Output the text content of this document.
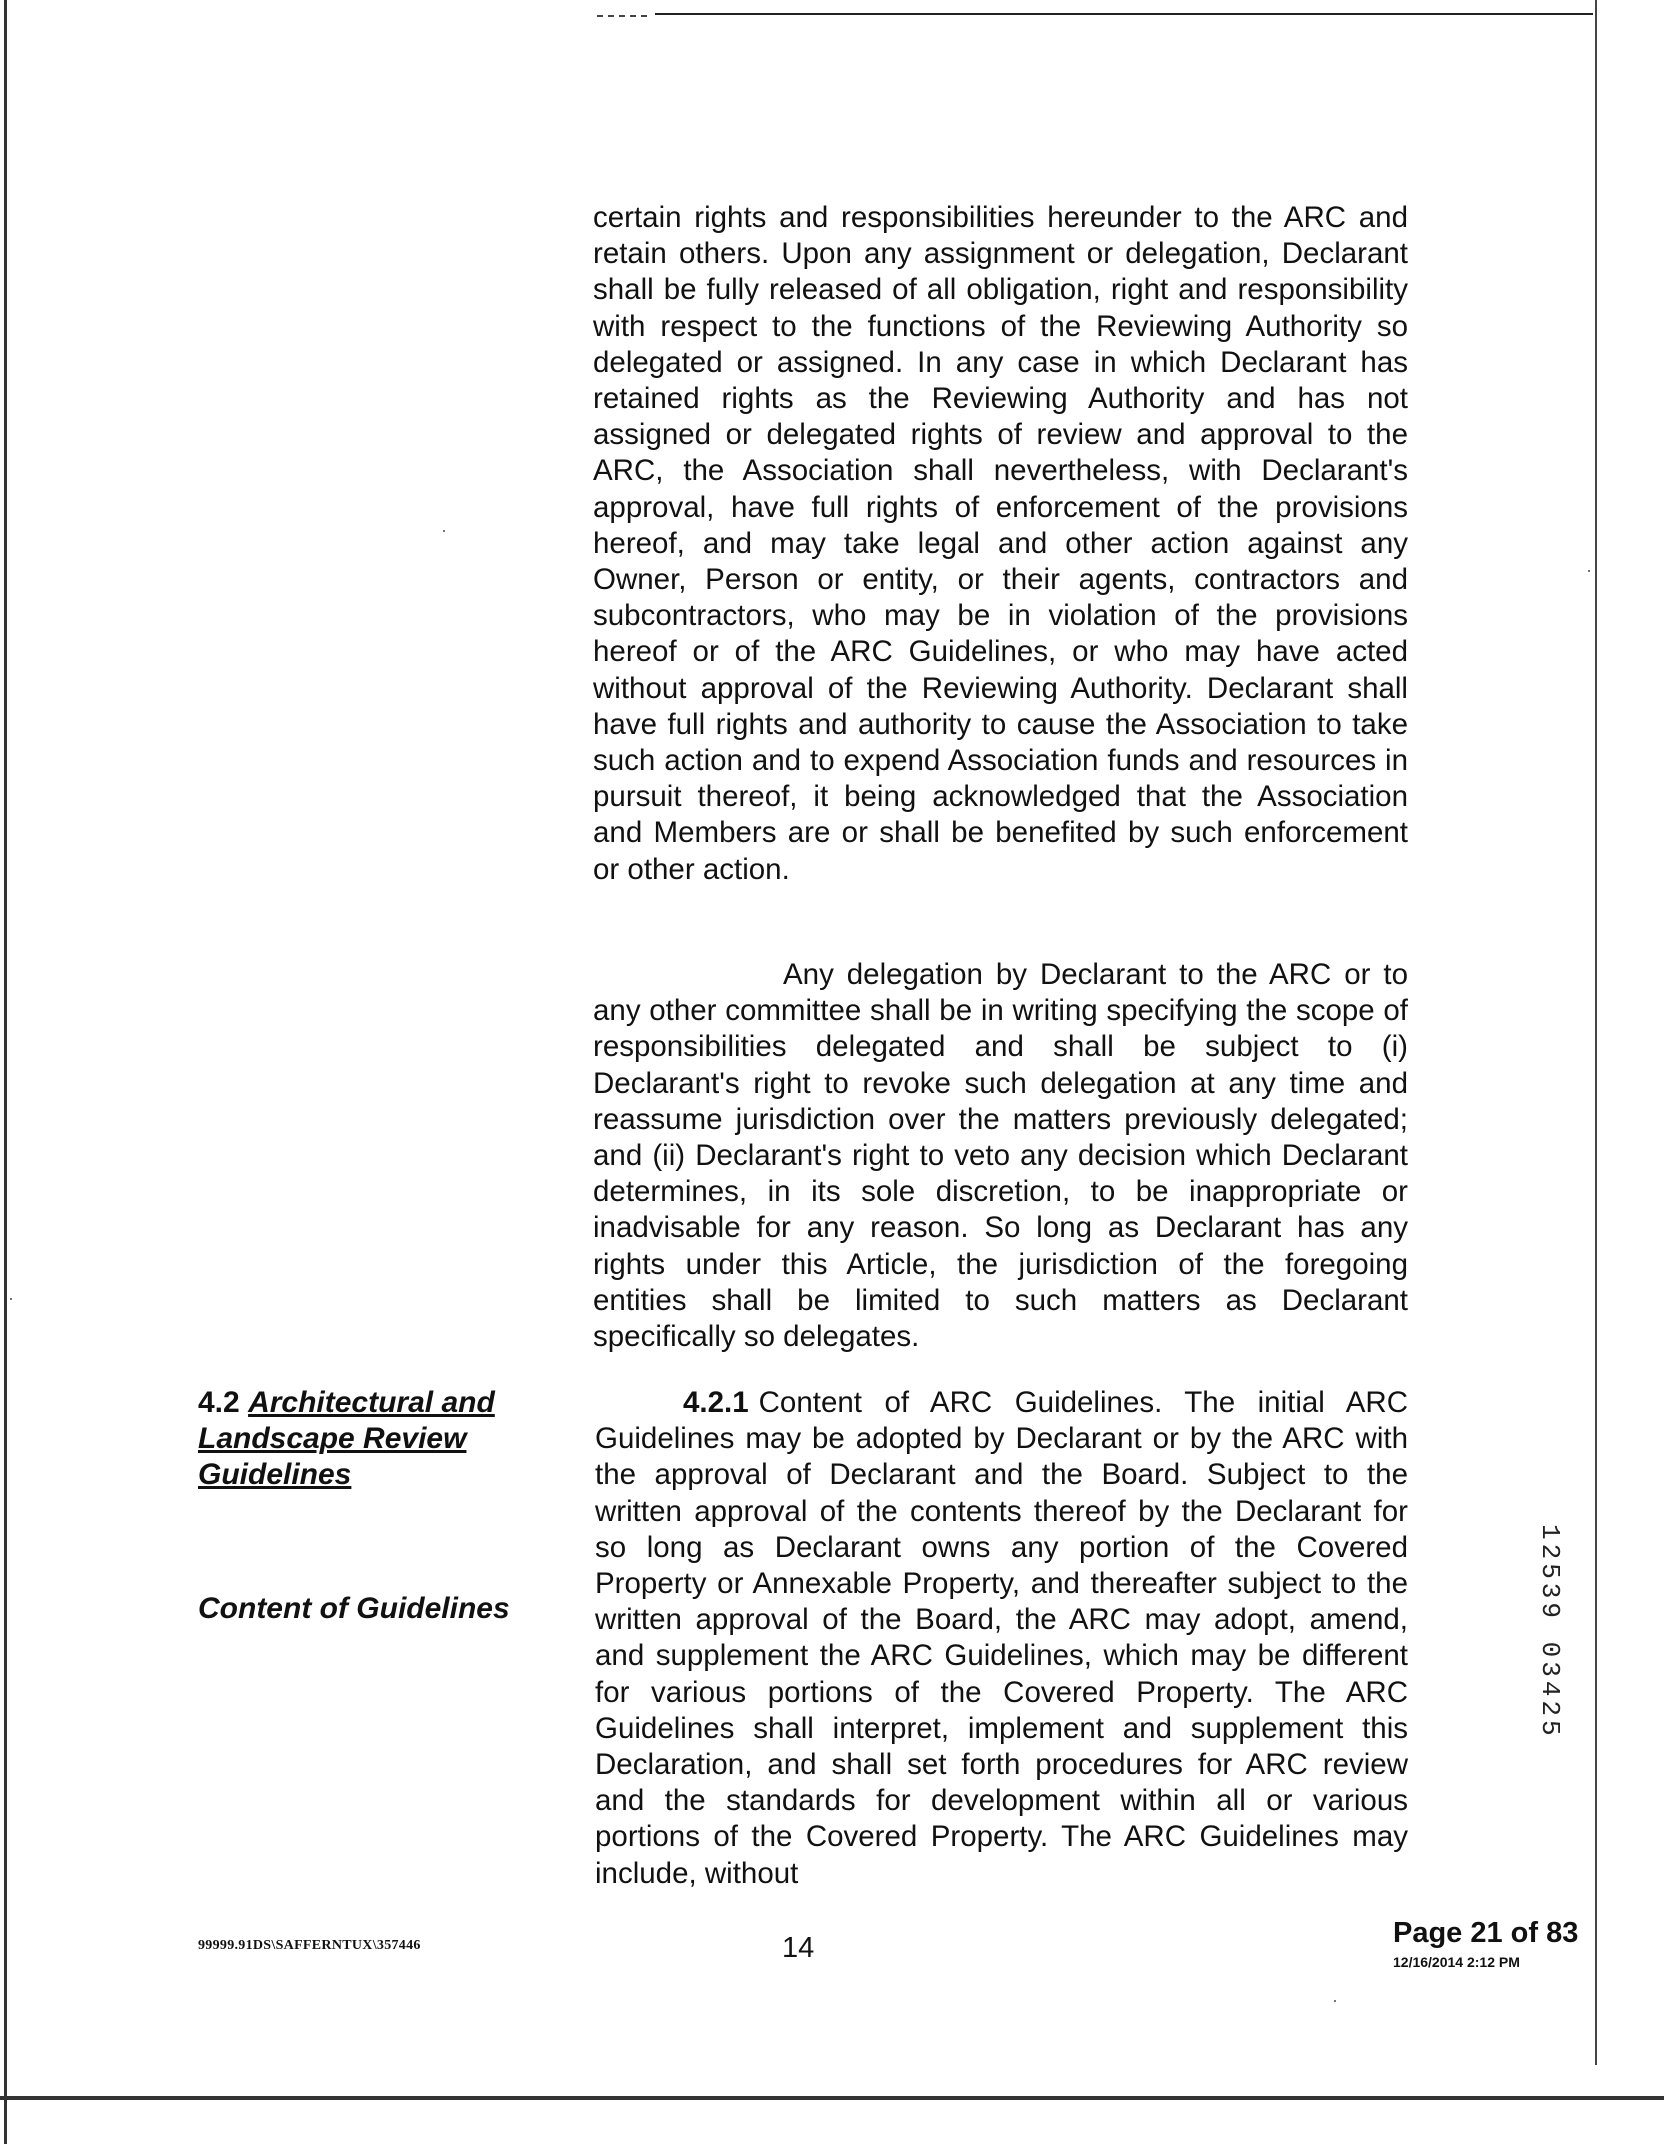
certain rights and responsibilities hereunder to the ARC and retain others. Upon any assignment or delegation, Declarant shall be fully released of all obligation, right and responsibility with respect to the functions of the Reviewing Authority so delegated or assigned. In any case in which Declarant has retained rights as the Reviewing Authority and has not assigned or delegated rights of review and approval to the ARC, the Association shall nevertheless, with Declarant's approval, have full rights of enforcement of the provisions hereof, and may take legal and other action against any Owner, Person or entity, or their agents, contractors and subcontractors, who may be in violation of the provisions hereof or of the ARC Guidelines, or who may have acted without approval of the Reviewing Authority. Declarant shall have full rights and authority to cause the Association to take such action and to expend Association funds and resources in pursuit thereof, it being acknowledged that the Association and Members are or shall be benefited by such enforcement or other action.

Any delegation by Declarant to the ARC or to any other committee shall be in writing specifying the scope of responsibilities delegated and shall be subject to (i) Declarant's right to revoke such delegation at any time and reassume jurisdiction over the matters previously delegated; and (ii) Declarant's right to veto any decision which Declarant determines, in its sole discretion, to be inappropriate or inadvisable for any reason. So long as Declarant has any rights under this Article, the jurisdiction of the foregoing entities shall be limited to such matters as Declarant specifically so delegates.

4.2.1 Content of ARC Guidelines. The initial ARC Guidelines may be adopted by Declarant or by the ARC with the approval of Declarant and the Board. Subject to the written approval of the contents thereof by the Declarant for so long as Declarant owns any portion of the Covered Property or Annexable Property, and thereafter subject to the written approval of the Board, the ARC may adopt, amend, and supplement the ARC Guidelines, which may be different for various portions of the Covered Property. The ARC Guidelines shall interpret, implement and supplement this Declaration, and shall set forth procedures for ARC review and the standards for development within all or various portions of the Covered Property. The ARC Guidelines may include, without

4.2 Architectural and Landscape Review Guidelines
Content of Guidelines	12539 03425
99999.91DS\SAFFERNTUX\357446	14	Page 21 of 83
12/16/2014 2:12 PM
